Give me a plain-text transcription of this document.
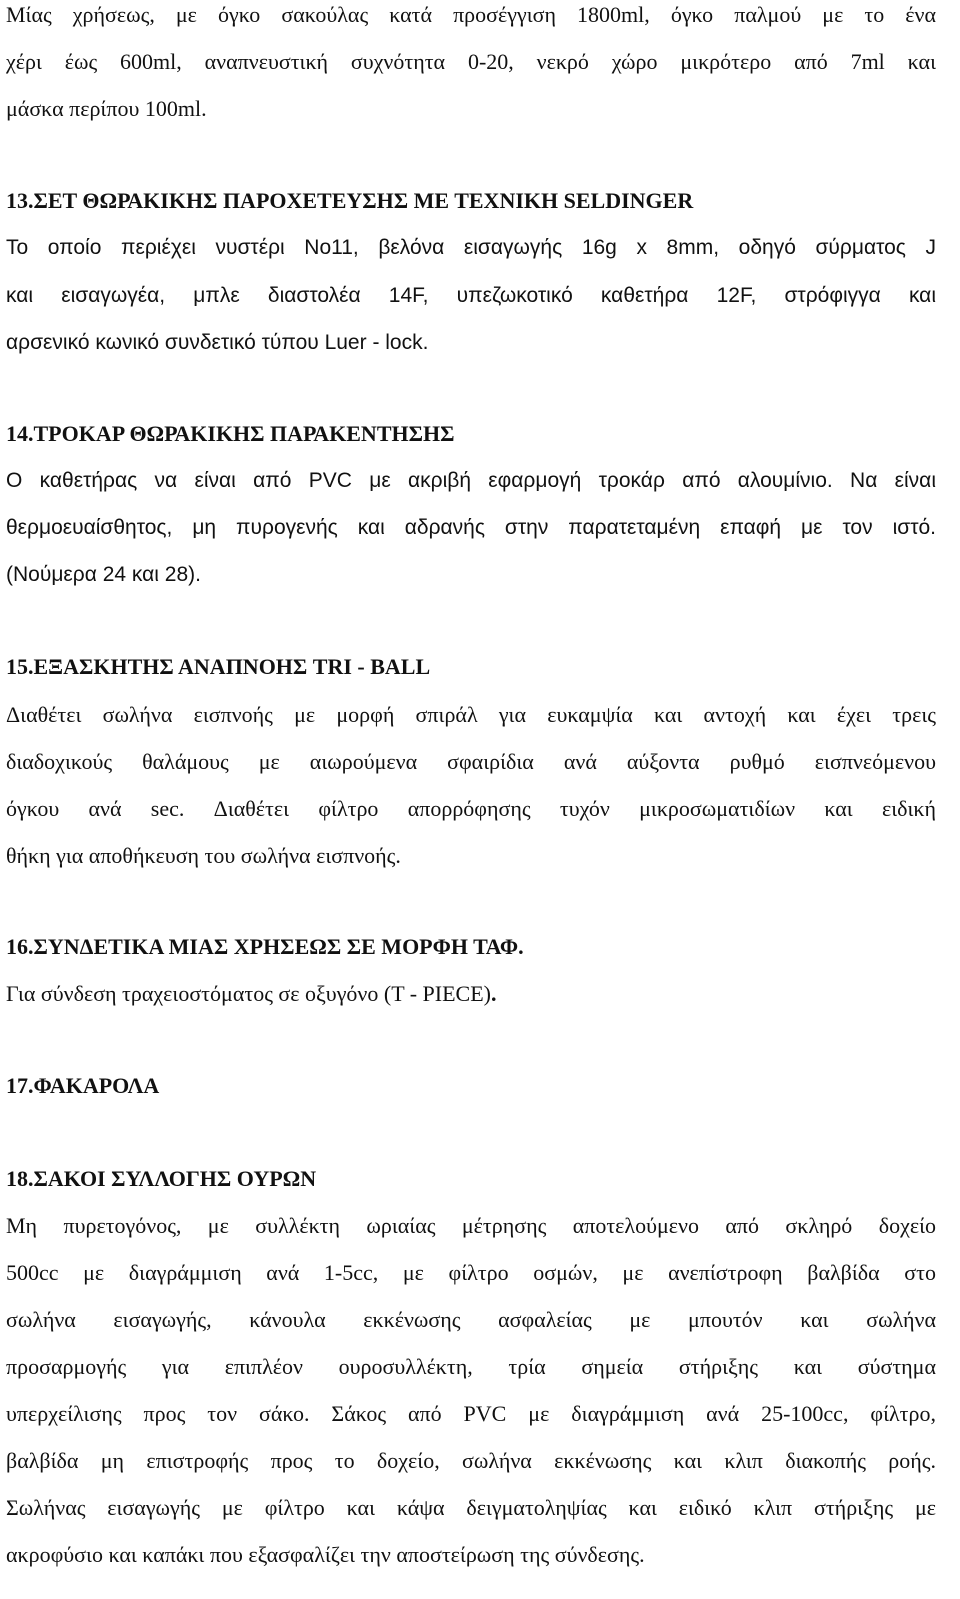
Μίας χρήσεως, με όγκο σακούλας κατά προσέγγιση 1800ml, όγκο παλμού με το ένα

χέρι έως 600ml, αναπνευστική συχνότητα 0-20, νεκρό χώρο μικρότερο από 7ml και

μάσκα περίπου 100ml.

13.ΣΕΤ ΘΩΡΑΚΙΚΗΣ ΠΑΡΟΧΕΤΕΥΣΗΣ ΜΕ ΤΕΧΝΙΚΗ SELDINGER

Το οποίο περιέχει νυστέρι Νο11, βελόνα εισαγωγής 16g x 8mm, οδηγό σύρματος J

και εισαγωγέα, μπλε διαστολέα 14F, υπεζωκοτικό καθετήρα 12F, στρόφιγγα και

αρσενικό κωνικό συνδετικό τύπου Luer - lock.

14.ΤΡΟΚΑΡ ΘΩΡΑΚΙΚΗΣ ΠΑΡΑΚΕΝΤΗΣΗΣ

Ο καθετήρας να είναι από PVC με ακριβή εφαρμογή τροκάρ από αλουμίνιο. Να είναι

θερμοευαίσθητος, μη πυρογενής και αδρανής στην παρατεταμένη επαφή με τον ιστό.

(Νούμερα 24 και 28).

15.ΕΞΑΣΚΗΤΗΣ ΑΝΑΠΝΟΗΣ TRI - BALL

Διαθέτει σωλήνα εισπνοής με μορφή σπιράλ για ευκαμψία και αντοχή και έχει τρεις

διαδοχικούς θαλάμους με αιωρούμενα σφαιρίδια ανά αύξοντα ρυθμό εισπνεόμενου

όγκου ανά sec. Διαθέτει φίλτρο απορρόφησης τυχόν μικροσωματιδίων και ειδική

θήκη για αποθήκευση του σωλήνα εισπνοής.

16.ΣΥΝΔΕΤΙΚΑ ΜΙΑΣ ΧΡΗΣΕΩΣ ΣΕ ΜΟΡΦΗ ΤΑΦ.

Για σύνδεση τραχειοστόματος σε οξυγόνο (T - PIECE).

17.ΦΑΚΑΡΟΛΑ

18.ΣΑΚΟΙ ΣΥΛΛΟΓΗΣ ΟΥΡΩΝ

Μη πυρετογόνος, με συλλέκτη ωριαίας μέτρησης αποτελούμενο από σκληρό δοχείο

500cc με διαγράμμιση ανά 1-5cc, με φίλτρο οσμών, με ανεπίστροφη βαλβίδα στο

σωλήνα εισαγωγής, κάνουλα εκκένωσης ασφαλείας με μπουτόν και σωλήνα

προσαρμογής για επιπλέον ουροσυλλέκτη, τρία σημεία στήριξης και σύστημα

υπερχείλισης προς τον σάκο. Σάκος από PVC με διαγράμμιση ανά 25-100cc, φίλτρο,

βαλβίδα μη επιστροφής προς το δοχείο, σωλήνα εκκένωσης και κλιπ διακοπής ροής.

Σωλήνας εισαγωγής με φίλτρο και κάψα δειγματοληψίας και ειδικό κλιπ στήριξης με

ακροφύσιο και καπάκι που εξασφαλίζει την αποστείρωση της σύνδεσης.
